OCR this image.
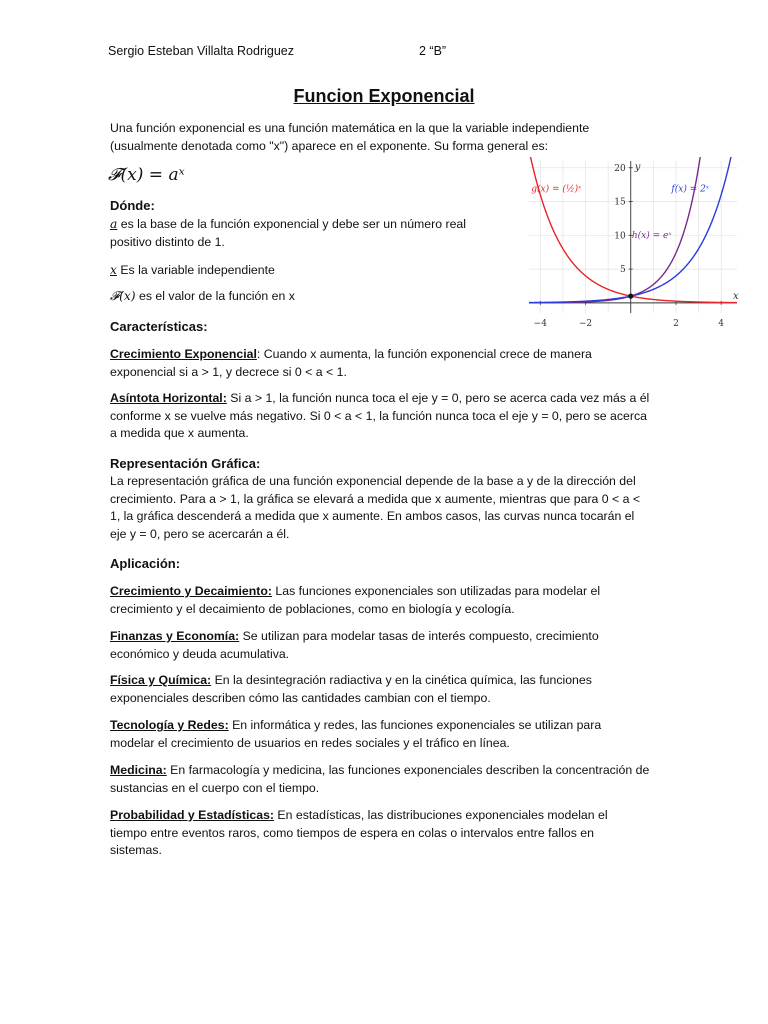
Sergio Esteban Villalta Rodriguez	2 “B”
Funcion Exponencial
Una función exponencial es una función matemática en la que la variable independiente (usualmente denotada como "x") aparece en el exponente. Su forma general es:
𝓕(x) = aˣ
Dónde:
a es la base de la función exponencial y debe ser un número real positivo distinto de 1.
x Es la variable independiente
𝓕(x) es el valor de la función en x
Características:
Crecimiento Exponencial: Cuando x aumenta, la función exponencial crece de manera exponencial si a > 1, y decrece si 0 < a < 1.
Asíntota Horizontal: Si a > 1, la función nunca toca el eje y = 0, pero se acerca cada vez más a él conforme x se vuelve más negativo. Si 0 < a < 1, la función nunca toca el eje y = 0, pero se acerca a medida que x aumenta.
Representación Gráfica:
La representación gráfica de una función exponencial depende de la base a y de la dirección del crecimiento. Para a > 1, la gráfica se elevará a medida que x aumente, mientras que para 0 < a < 1, la gráfica descenderá a medida que x aumente. En ambos casos, las curvas nunca tocarán el eje y = 0, pero se acercarán a él.
Aplicación:
Crecimiento y Decaimiento: Las funciones exponenciales son utilizadas para modelar el crecimiento y el decaimiento de poblaciones, como en biología y ecología.
Finanzas y Economía: Se utilizan para modelar tasas de interés compuesto, crecimiento económico y deuda acumulativa.
Física y Química: En la desintegración radiactiva y en la cinética química, las funciones exponenciales describen cómo las cantidades cambian con el tiempo.
Tecnología y Redes: En informática y redes, las funciones exponenciales se utilizan para modelar el crecimiento de usuarios en redes sociales y el tráfico en línea.
Medicina: En farmacología y medicina, las funciones exponenciales describen la concentración de sustancias en el cuerpo con el tiempo.
Probabilidad y Estadísticas: En estadísticas, las distribuciones exponenciales modelan el tiempo entre eventos raros, como tiempos de espera en colas o intervalos entre fallos en sistemas.
−4	−2	2	4
5
10
15
20
x
y
g(x) = (½)ˣ
h(x) = eˣ
f(x) = 2ˣ
